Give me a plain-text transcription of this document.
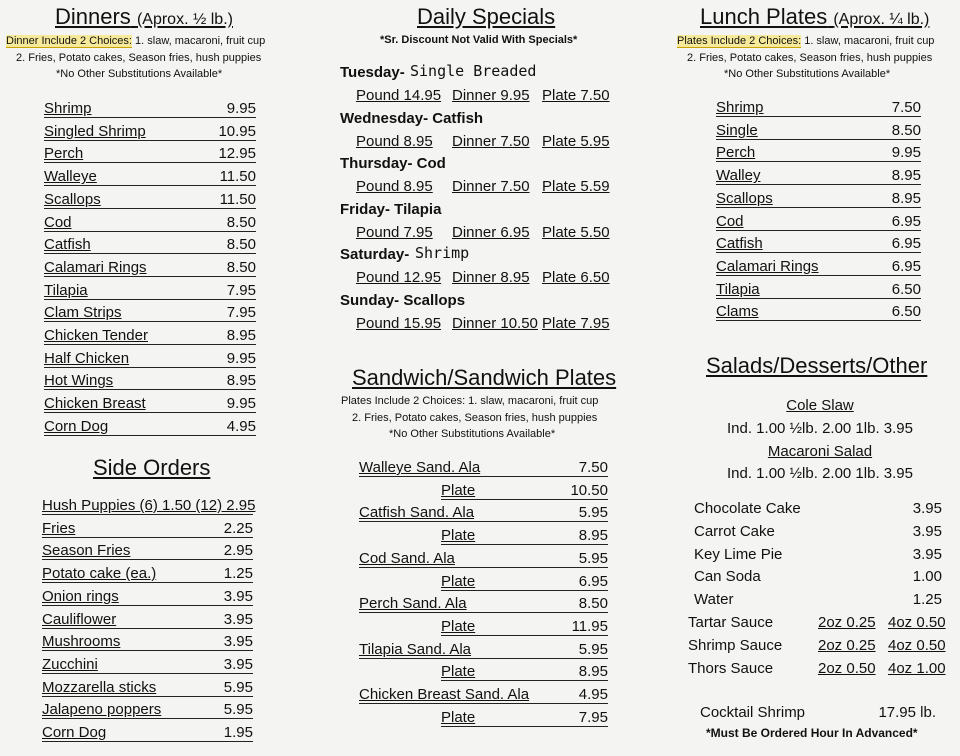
Dinners (Aprox. ½ lb.)
Dinner Include 2 Choices: 1. slaw, macaroni, fruit cup
2. Fries, Potato cakes, Season fries, hush puppies
*No Other Substitutions Available*
Shrimp	9.95
Singled Shrimp	10.95
Perch	12.95
Walleye	11.50
Scallops	11.50
Cod	8.50
Catfish	8.50
Calamari Rings	8.50
Tilapia	7.95
Clam Strips	7.95
Chicken Tender	8.95
Half Chicken	9.95
Hot Wings	8.95
Chicken Breast	9.95
Corn Dog	4.95
Side Orders
Hush Puppies (6) 1.50 (12) 2.95
Fries	2.25
Season Fries	2.95
Potato cake (ea.)	1.25
Onion rings	3.95
Cauliflower	3.95
Mushrooms	3.95
Zucchini	3.95
Mozzarella sticks	5.95
Jalapeno poppers	5.95
Corn Dog	1.95
Daily Specials
*Sr. Discount Not Valid With Specials*
Tuesday- Single Breaded
Pound 14.95 Dinner 9.95 Plate 7.50
Wednesday- Catfish
Pound 8.95 Dinner 7.50 Plate 5.95
Thursday- Cod
Pound 8.95 Dinner 7.50 Plate 5.59
Friday- Tilapia
Pound 7.95 Dinner 6.95 Plate 5.50
Saturday- Shrimp
Pound 12.95 Dinner 8.95 Plate 6.50
Sunday- Scallops
Pound 15.95 Dinner 10.50 Plate 7.95
Sandwich/Sandwich Plates
Plates Include 2 Choices: 1. slaw, macaroni, fruit cup
2. Fries, Potato cakes, Season fries, hush puppies
*No Other Substitutions Available*
Walleye Sand. Ala	7.50
Plate	10.50
Catfish Sand. Ala	5.95
Plate	8.95
Cod Sand. Ala	5.95
Plate	6.95
Perch Sand. Ala	8.50
Plate	11.95
Tilapia Sand. Ala	5.95
Plate	8.95
Chicken Breast Sand. Ala	4.95
Plate	7.95
Lunch Plates (Aprox. ¼ lb.)
Plates Include 2 Choices: 1. slaw, macaroni, fruit cup
2. Fries, Potato cakes, Season fries, hush puppies
*No Other Substitutions Available*
Shrimp	7.50
Single	8.50
Perch	9.95
Walley	8.95
Scallops	8.95
Cod	6.95
Catfish	6.95
Calamari Rings	6.95
Tilapia	6.50
Clams	6.50
Salads/Desserts/Other
Cole Slaw
Ind. 1.00 ½lb. 2.00 1lb. 3.95
Macaroni Salad
Ind. 1.00 ½lb. 2.00 1lb. 3.95
Chocolate Cake	3.95
Carrot Cake	3.95
Key Lime Pie	3.95
Can Soda	1.00
Water	1.25
Tartar Sauce	2oz 0.25 4oz 0.50
Shrimp Sauce 2oz 0.25 4oz 0.50
Thors Sauce	2oz 0.50 4oz 1.00
Cocktail Shrimp	17.95 lb.
*Must Be Ordered Hour In Advanced*
